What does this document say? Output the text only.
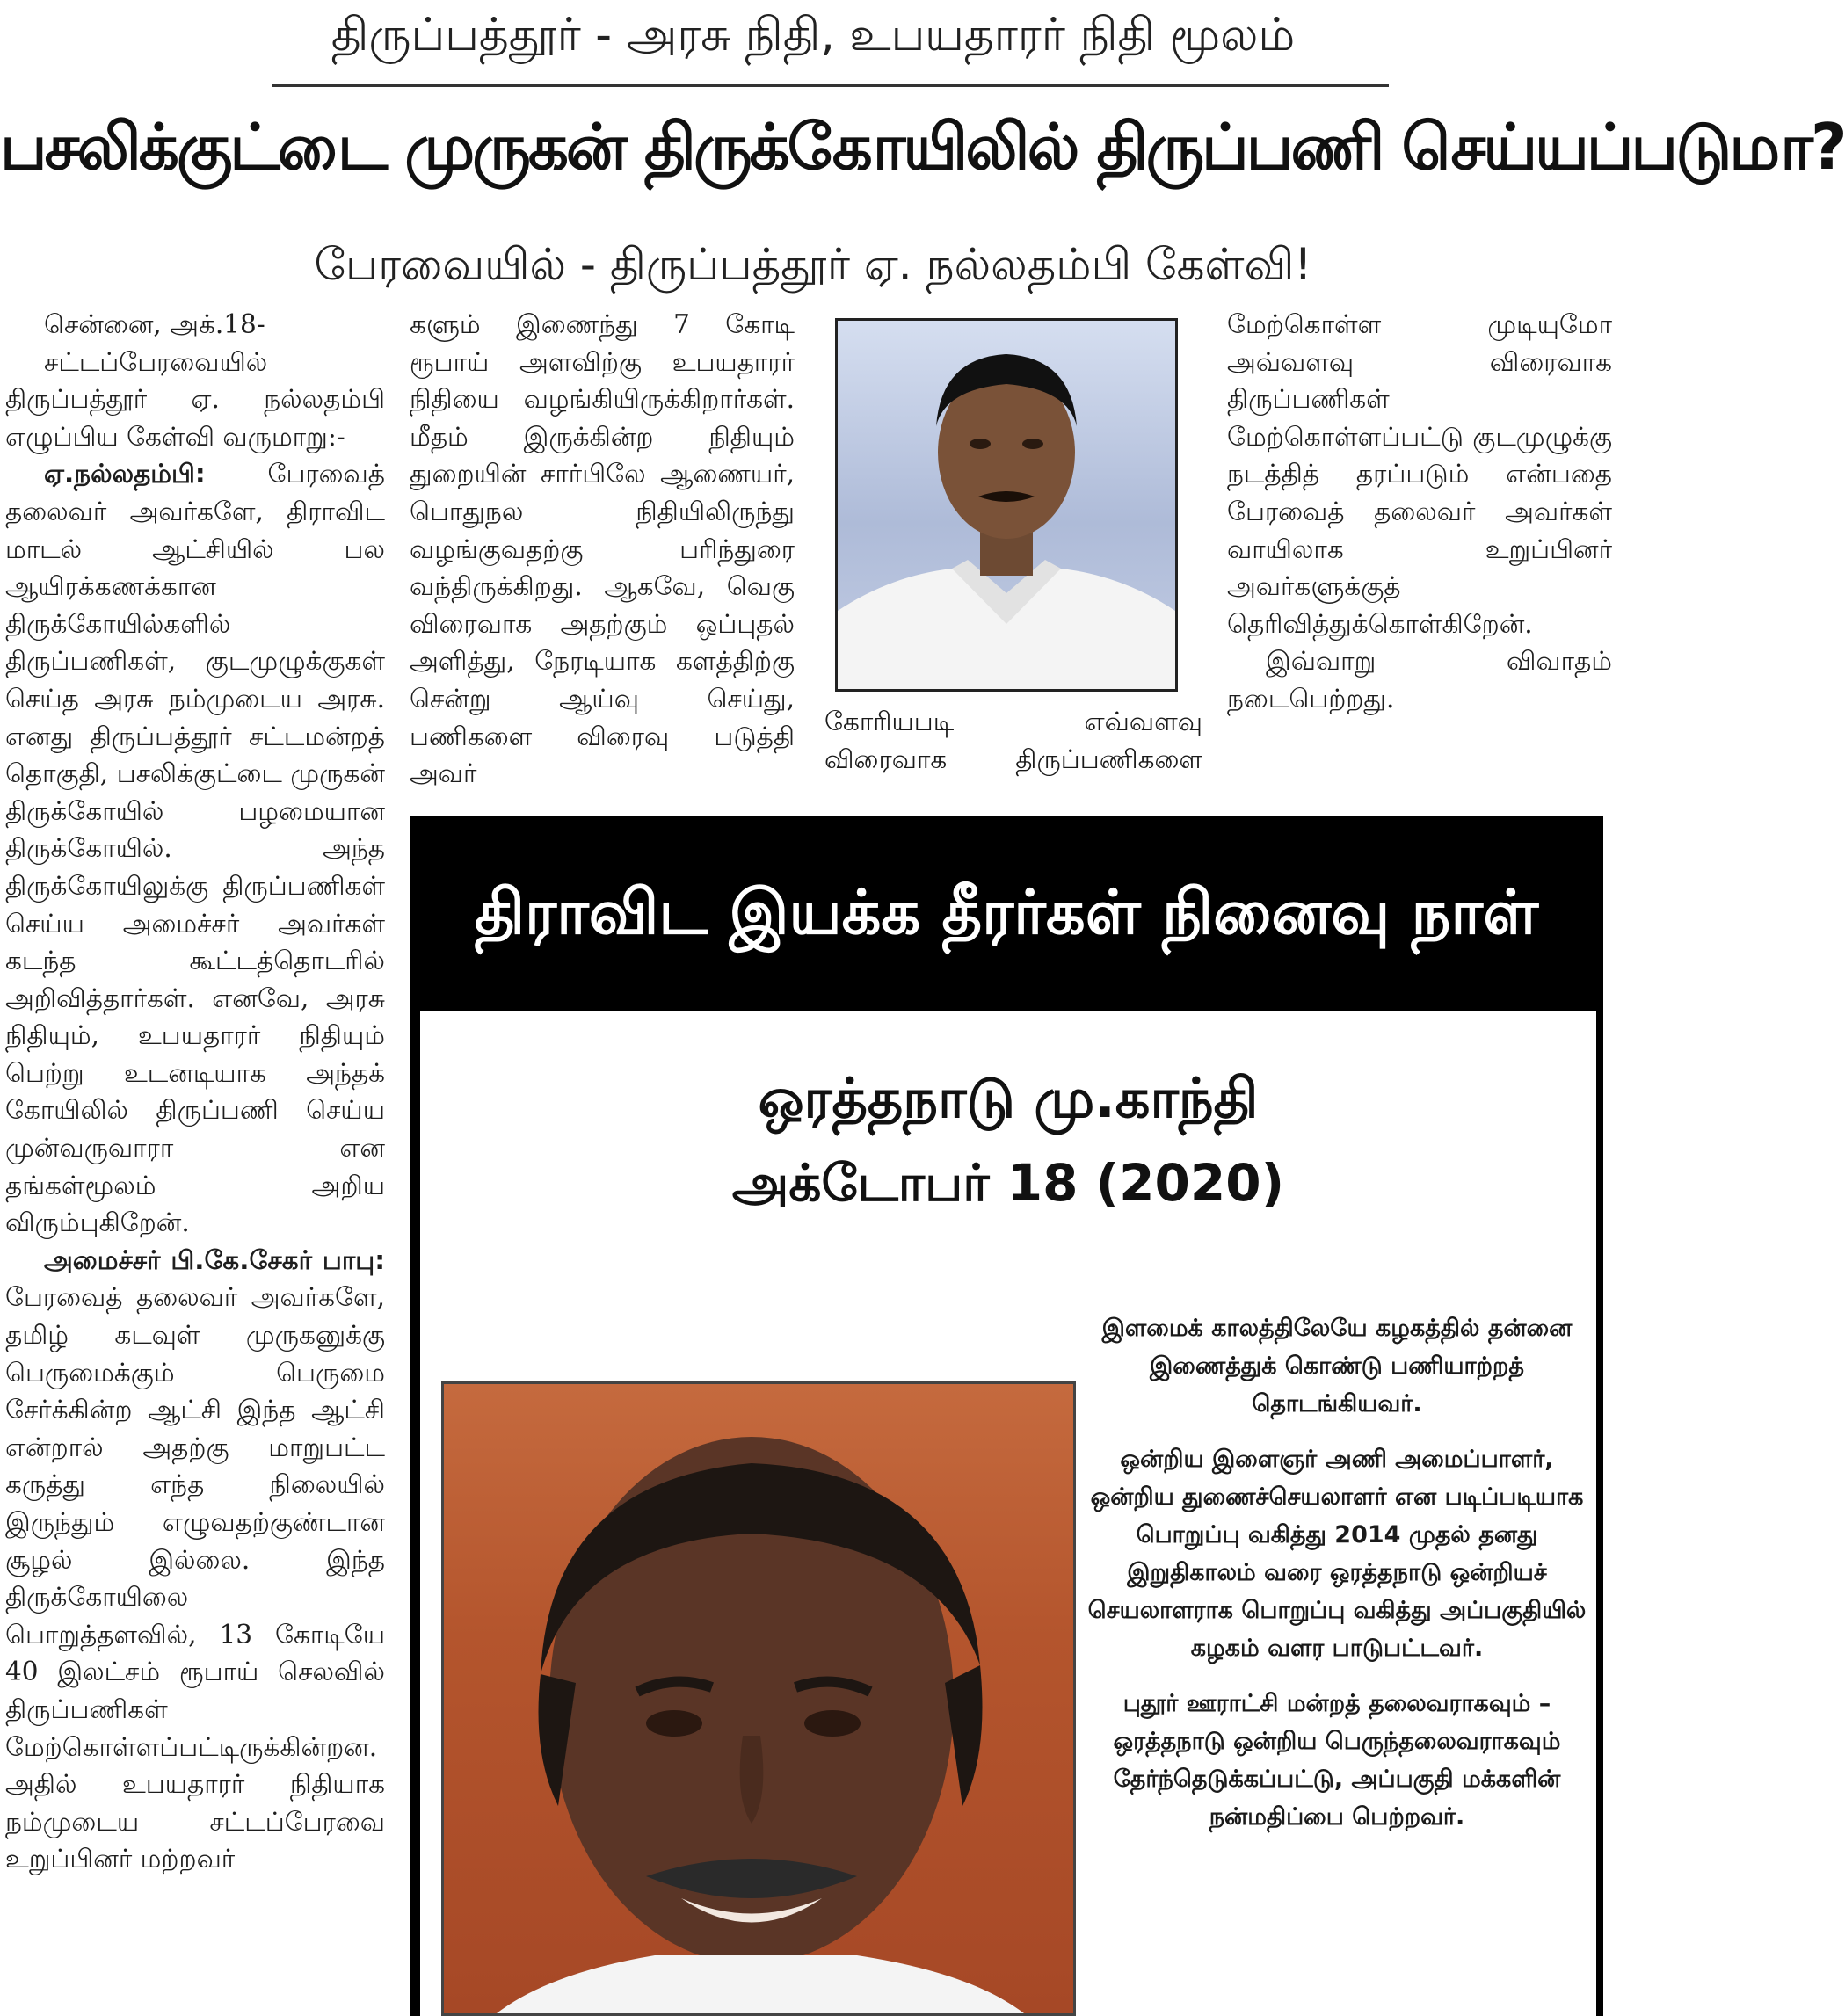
திருப்பத்தூர் - அரசு நிதி, உபயதாரர் நிதி மூலம்
பசலிக்குட்டை முருகன் திருக்கோயிலில் திருப்பணி செய்யப்படுமா?
பேரவையில் - திருப்பத்தூர் ஏ. நல்லதம்பி கேள்வி!

சென்னை, அக்.18-

சட்டப்பேரவையில் திருப்பத்தூர் ஏ. நல்லதம்பி எழுப்பிய கேள்வி வருமாறு:-

ஏ.நல்லதம்பி: பேரவைத் தலைவர் அவர்களே, திராவிட மாடல் ஆட்சியில் பல ஆயிரக்கணக்கான திருக்கோயில்களில் திருப்பணிகள், குடமுழுக்குகள் செய்த அரசு நம்முடைய அரசு. எனது திருப்பத்தூர் சட்டமன்றத் தொகுதி, பசலிக்குட்டை முருகன் திருக்கோயில் பழமையான திருக்கோயில். அந்த திருக்கோயிலுக்கு திருப்பணிகள் செய்ய அமைச்சர் அவர்கள் கடந்த கூட்டத்தொடரில் அறிவித்தார்கள். எனவே, அரசு நிதியும், உபயதாரர் நிதியும் பெற்று உடனடியாக அந்தக் கோயிலில் திருப்பணி செய்ய முன்வருவாரா என தங்கள்மூலம் அறிய விரும்புகிறேன்.

அமைச்சர் பி.கே.சேகர் பாபு: பேரவைத் தலைவர் அவர்களே, தமிழ் கடவுள் முருகனுக்கு பெருமைக்கும் பெருமை சேர்க்கின்ற ஆட்சி இந்த ஆட்சி என்றால் அதற்கு மாறுபட்ட கருத்து எந்த நிலையில் இருந்தும் எழுவதற்குண்டான சூழல் இல்லை. இந்த திருக்கோயிலை பொறுத்தளவில், 13 கோடியே 40 இலட்சம் ரூபாய் செலவில் திருப்பணிகள் மேற்கொள்ளப்பட்டிருக்கின்றன. அதில் உபயதாரர் நிதியாக நம்முடைய சட்டப்பேரவை உறுப்பினர் மற்றவர்

களும் இணைந்து 7 கோடி ரூபாய் அளவிற்கு உபயதாரர் நிதியை வழங்கியிருக்கிறார்கள். மீதம் இருக்கின்ற நிதியும் துறையின் சார்பிலே ஆணையர், பொதுநல நிதியிலிருந்து வழங்குவதற்கு பரிந்துரை வந்திருக்கிறது. ஆகவே, வெகு விரைவாக அதற்கும் ஒப்புதல் அளித்து, நேரடியாக களத்திற்கு சென்று ஆய்வு செய்து, பணிகளை விரைவு படுத்தி அவர்

கோரியபடி எவ்வளவு

விரைவாக திருப்பணிகளை

மேற்கொள்ள முடியுமோ அவ்வளவு விரைவாக திருப்பணிகள் மேற்கொள்ளப்பட்டு குடமுழுக்கு நடத்தித் தரப்படும் என்பதை பேரவைத் தலைவர் அவர்கள் வாயிலாக உறுப்பினர் அவர்களுக்குத் தெரிவித்துக்கொள்கிறேன்.

இவ்வாறு விவாதம் நடைபெற்றது.

திராவிட இயக்க தீரர்கள் நினைவு நாள்
ஒரத்தநாடு மு.காந்தி
அக்டோபர் 18 (2020)

இளமைக் காலத்திலேயே கழகத்தில் தன்னை இணைத்துக் கொண்டு பணியாற்றத் தொடங்கியவர்.

ஒன்றிய இளைஞர் அணி அமைப்பாளர், ஒன்றிய துணைச்செயலாளர் என படிப்படியாக பொறுப்பு வகித்து 2014 முதல் தனது இறுதிகாலம் வரை ஒரத்தநாடு ஒன்றியச் செயலாளராக பொறுப்பு வகித்து அப்பகுதியில் கழகம் வளர பாடுபட்டவர்.

புதூர் ஊராட்சி மன்றத் தலைவராகவும் – ஒரத்தநாடு ஒன்றிய பெருந்தலைவராகவும் தேர்ந்தெடுக்கப்பட்டு, அப்பகுதி மக்களின் நன்மதிப்பை பெற்றவர்.
